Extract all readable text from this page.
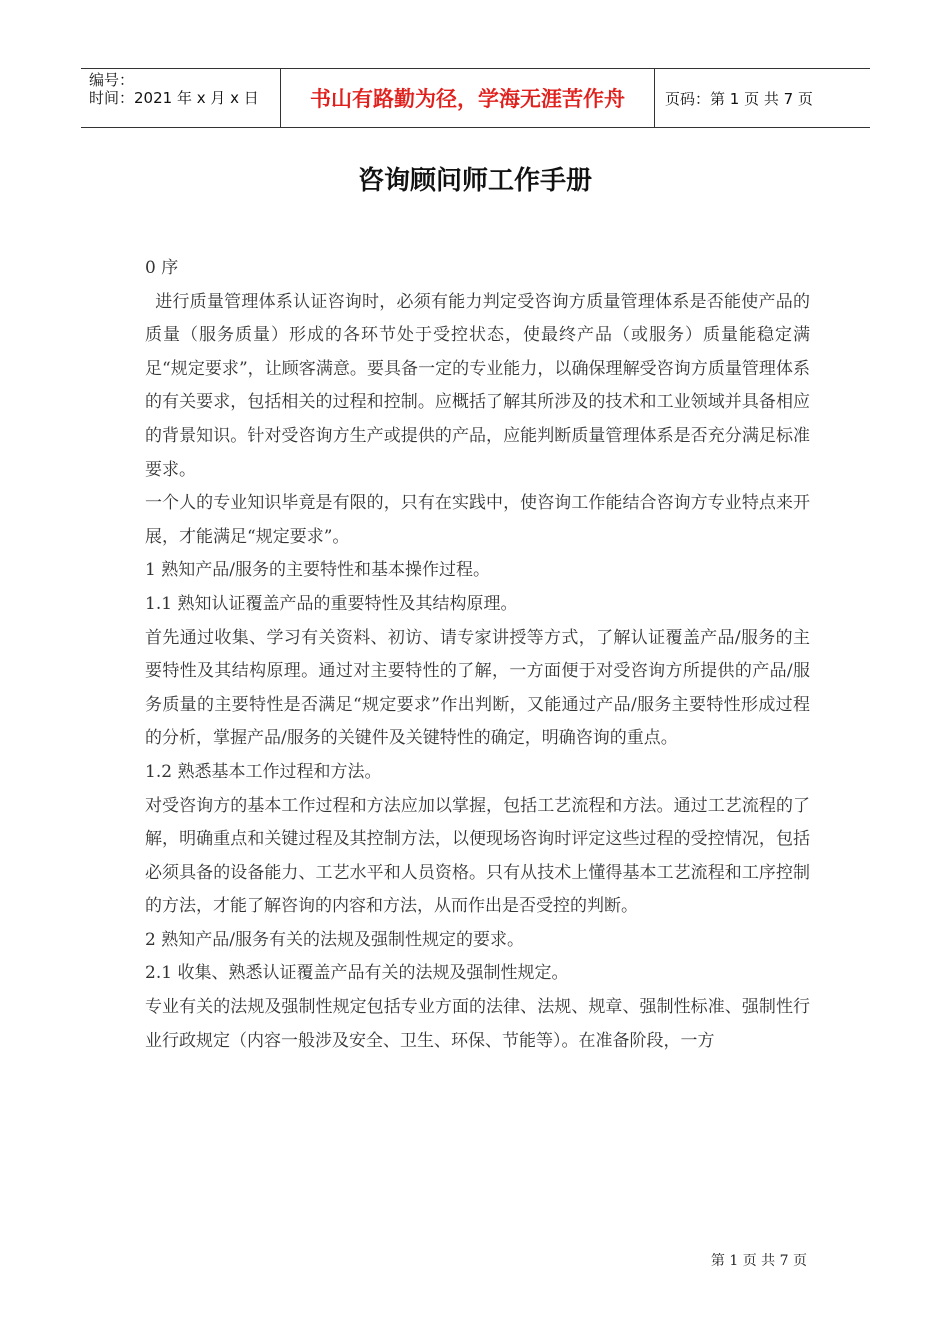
编号：
时间：2021 年 x 月 x 日	书山有路勤为径，学海无涯苦作舟	页码：第 1 页 共 7 页
咨询顾问师工作手册

0 序

进行质量管理体系认证咨询时，必须有能力判定受咨询方质量管理体系是否能使产品的质量（服务质量）形成的各环节处于受控状态，使最终产品（或服务）质量能稳定满足“规定要求”，让顾客满意。要具备一定的专业能力，以确保理解受咨询方质量管理体系的有关要求，包括相关的过程和控制。应概括了解其所涉及的技术和工业领域并具备相应的背景知识。针对受咨询方生产或提供的产品，应能判断质量管理体系是否充分满足标准要求。

一个人的专业知识毕竟是有限的，只有在实践中，使咨询工作能结合咨询方专业特点来开展，才能满足“规定要求”。

1 熟知产品/服务的主要特性和基本操作过程。

1.1 熟知认证覆盖产品的重要特性及其结构原理。

首先通过收集、学习有关资料、初访、请专家讲授等方式，了解认证覆盖产品/服务的主要特性及其结构原理。通过对主要特性的了解，一方面便于对受咨询方所提供的产品/服务质量的主要特性是否满足“规定要求”作出判断，又能通过产品/服务主要特性形成过程的分析，掌握产品/服务的关键件及关键特性的确定，明确咨询的重点。

1.2 熟悉基本工作过程和方法。

对受咨询方的基本工作过程和方法应加以掌握，包括工艺流程和方法。通过工艺流程的了解，明确重点和关键过程及其控制方法，以便现场咨询时评定这些过程的受控情况，包括必须具备的设备能力、工艺水平和人员资格。只有从技术上懂得基本工艺流程和工序控制的方法，才能了解咨询的内容和方法，从而作出是否受控的判断。

2 熟知产品/服务有关的法规及强制性规定的要求。

2.1 收集、熟悉认证覆盖产品有关的法规及强制性规定。

专业有关的法规及强制性规定包括专业方面的法律、法规、规章、强制性标准、强制性行业行政规定（内容一般涉及安全、卫生、环保、节能等）。在准备阶段，一方

第 1 页 共 7 页
